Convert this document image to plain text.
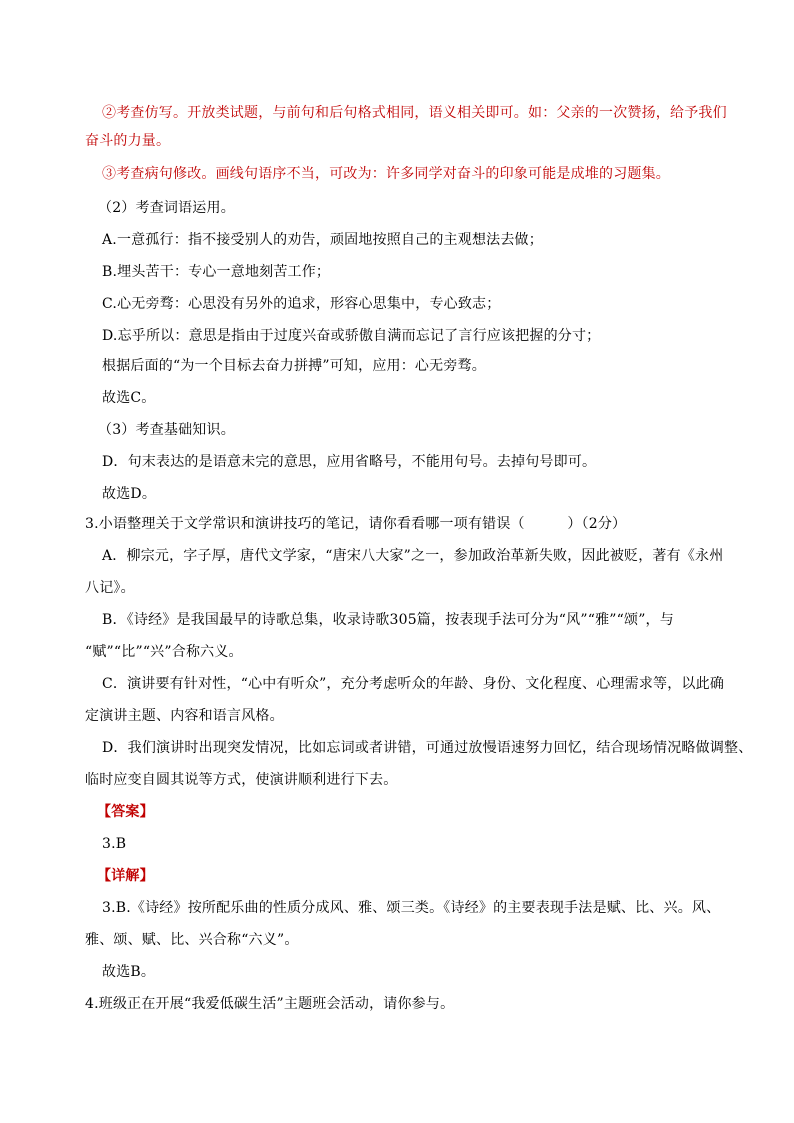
②考查仿写。开放类试题，与前句和后句格式相同，语义相关即可。如：父亲的一次赞扬，给予我们
奋斗的力量。
③考查病句修改。画线句语序不当，可改为：许多同学对奋斗的印象可能是成堆的习题集。
（2）考查词语运用。
A.一意孤行：指不接受别人的劝告，顽固地按照自己的主观想法去做；
B.埋头苦干：专心一意地刻苦工作；
C.心无旁骛：心思没有另外的追求，形容心思集中，专心致志；
D.忘乎所以：意思是指由于过度兴奋或骄傲自满而忘记了言行应该把握的分寸；
根据后面的“为一个目标去奋力拼搏”可知，应用：心无旁骛。
故选C。
（3）考查基础知识。
D．句末表达的是语意未完的意思，应用省略号，不能用句号。去掉句号即可。
故选D。
3.小语整理关于文学常识和演讲技巧的笔记，请你看看哪一项有错误（　　　）（2分）
A．柳宗元，字子厚，唐代文学家，“唐宋八大家”之一，参加政治革新失败，因此被贬，著有《永州
八记》。
B．《诗经》是我国最早的诗歌总集，收录诗歌305篇，按表现手法可分为“风”“雅”“颂”，与
“赋”“比”“兴”合称六义。
C．演讲要有针对性，“心中有听众”，充分考虑听众的年龄、身份、文化程度、心理需求等，以此确
定演讲主题、内容和语言风格。
D．我们演讲时出现突发情况，比如忘词或者讲错，可通过放慢语速努力回忆，结合现场情况略做调整、
临时应变自圆其说等方式，使演讲顺利进行下去。
【答案】
3.B
【详解】
3.B.《诗经》按所配乐曲的性质分成风、雅、颂三类。《诗经》的主要表现手法是赋、比、兴。风、
雅、颂、赋、比、兴合称“六义”。
故选B。
4.班级正在开展“我爱低碳生活”主题班会活动，请你参与。
